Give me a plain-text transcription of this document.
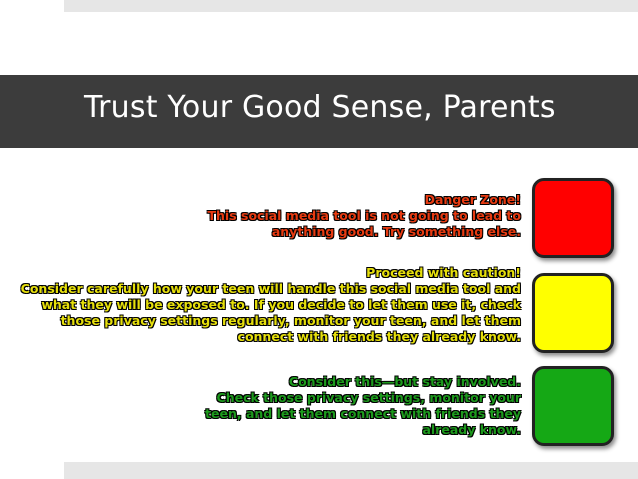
Trust Your Good Sense, Parents
Danger Zone!
This social media tool is not going to lead to
anything good. Try something else.
Proceed with caution!
Consider carefully how your teen will handle this social media tool and
what they will be exposed to. If you decide to let them use it, check
those privacy settings regularly, monitor your teen, and let them
connect with friends they already know.
Consider this—but stay involved.
Check those privacy settings, monitor your
teen, and let them connect with friends they
already know.
